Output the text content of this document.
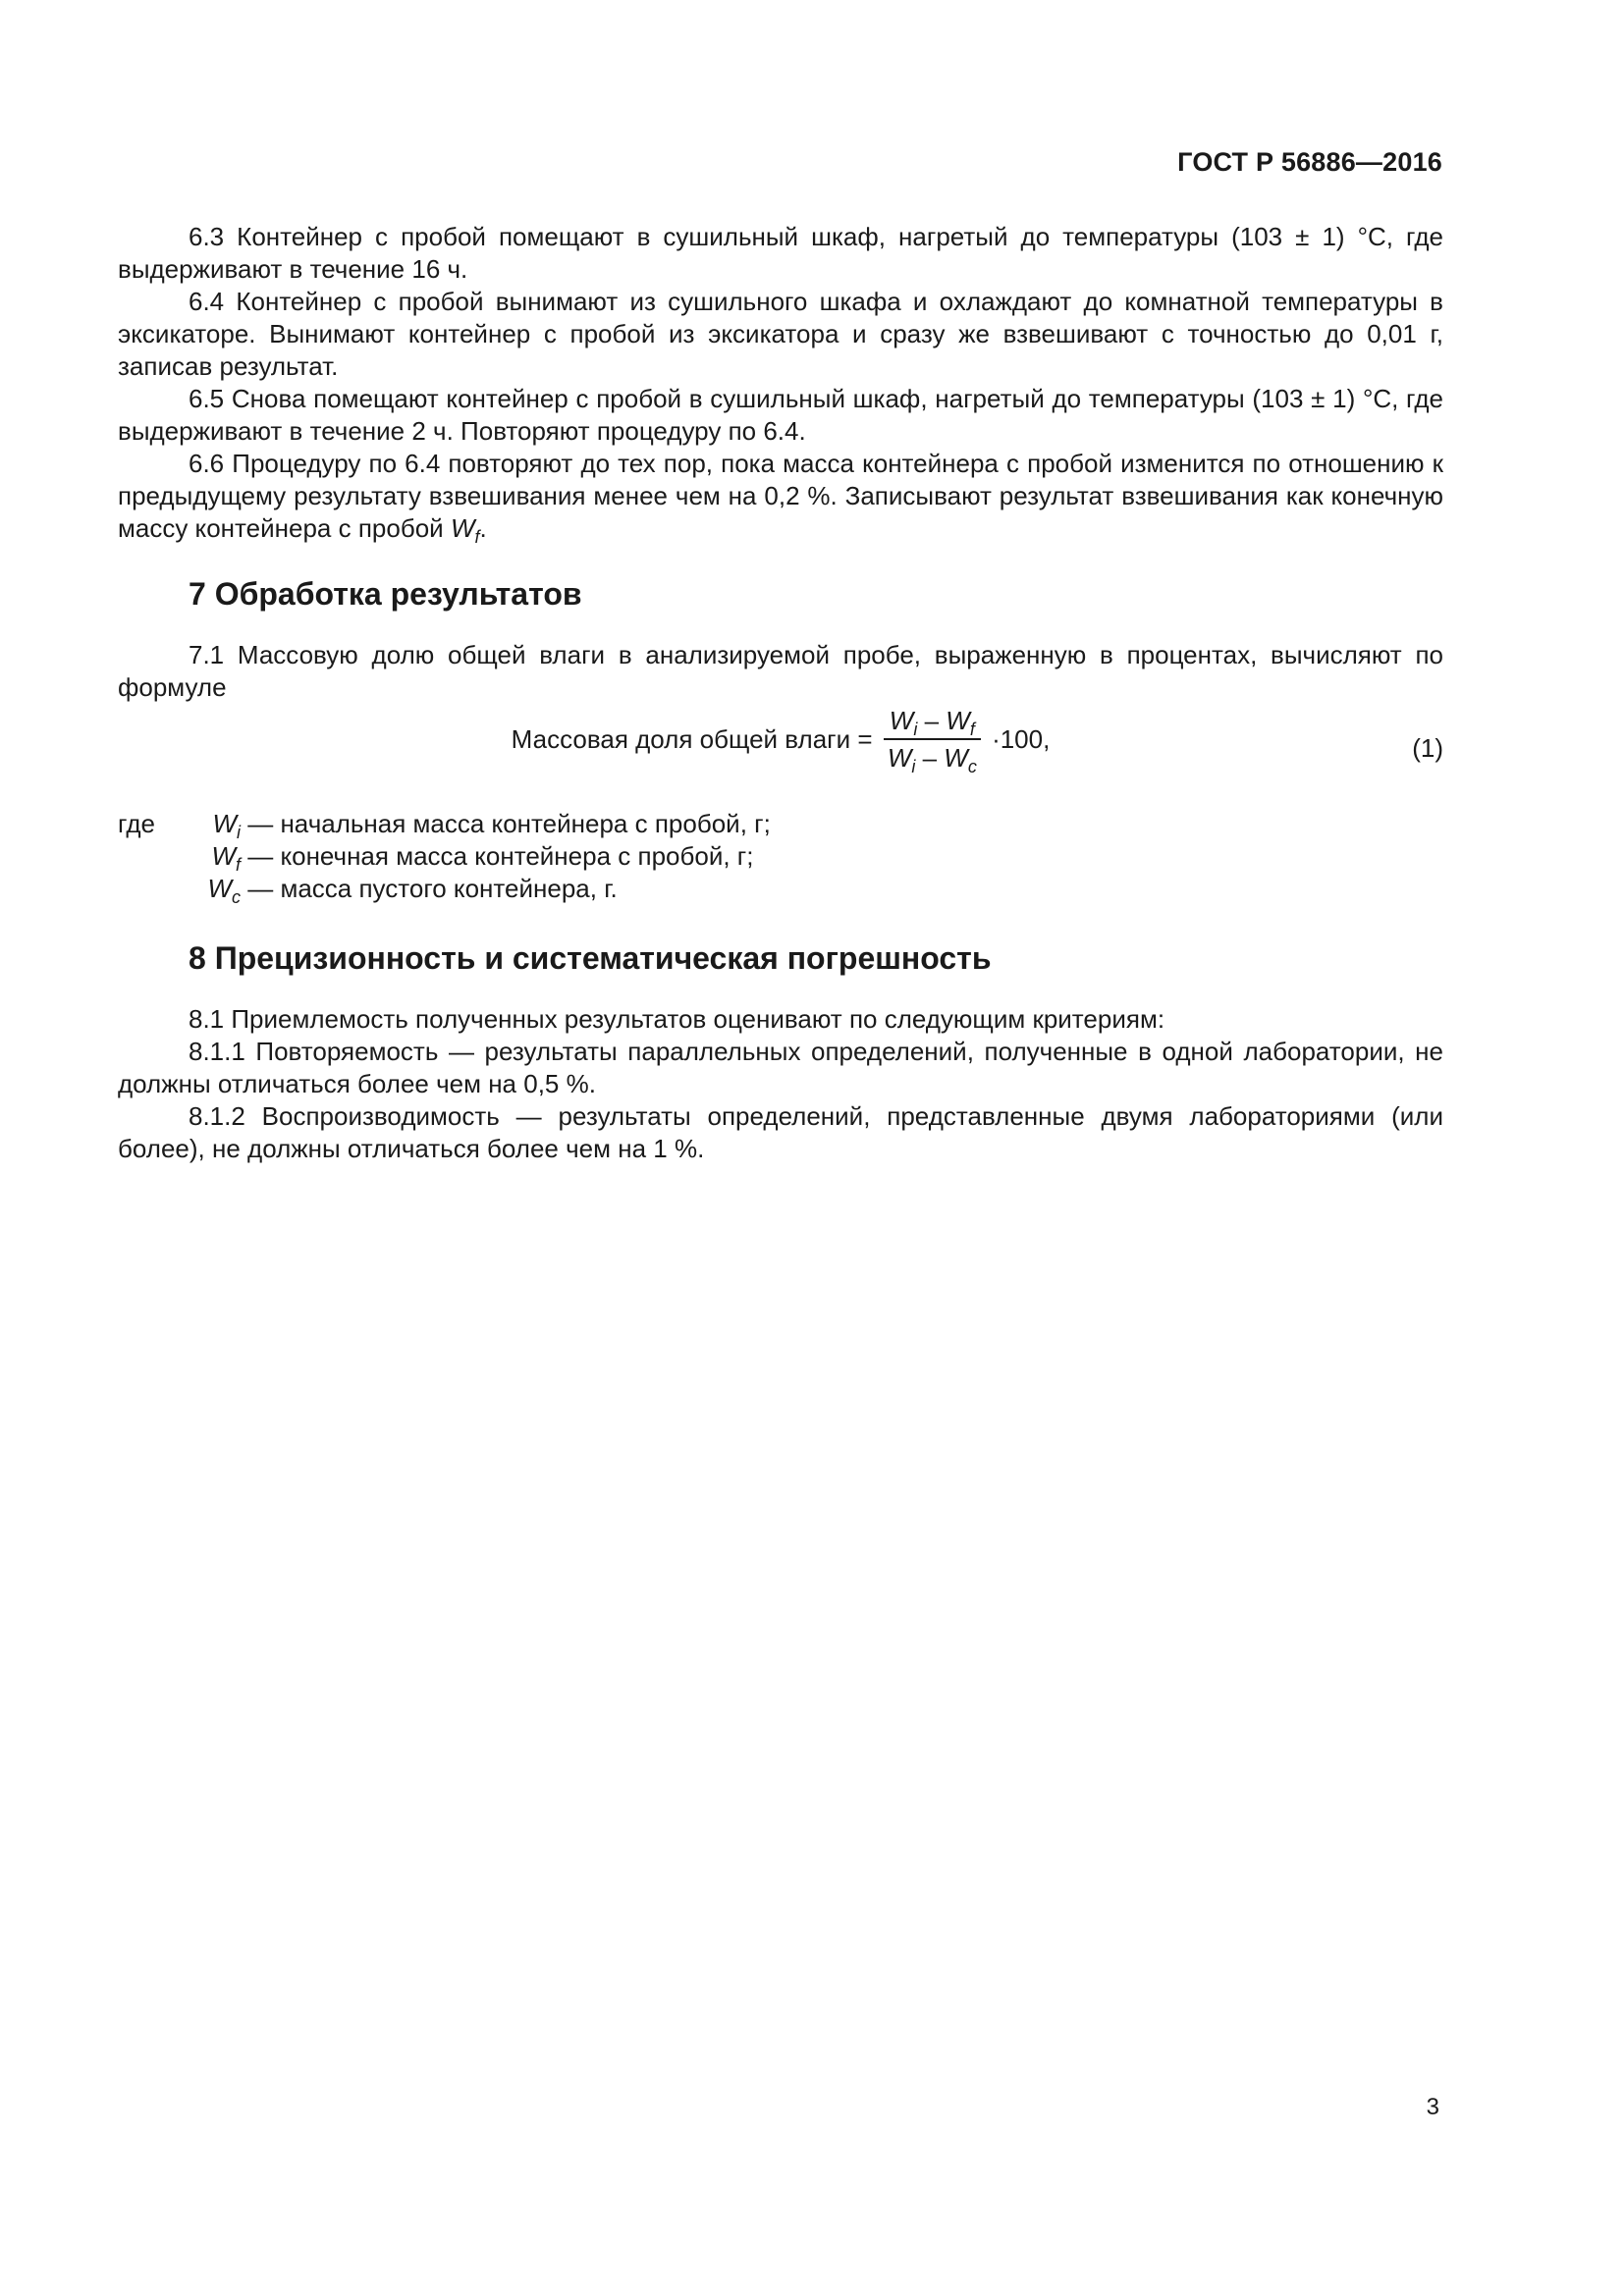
ГОСТ Р 56886—2016

6.3 Контейнер с пробой помещают в сушильный шкаф, нагретый до температуры (103 ± 1) °С, где выдерживают в течение 16 ч.

6.4 Контейнер с пробой вынимают из сушильного шкафа и охлаждают до комнатной температуры в эксикаторе. Вынимают контейнер с пробой из эксикатора и сразу же взвешивают с точностью до 0,01 г, записав результат.

6.5 Снова помещают контейнер с пробой в сушильный шкаф, нагретый до температуры (103 ± 1) °С, где выдерживают в течение 2 ч. Повторяют процедуру по 6.4.

6.6 Процедуру по 6.4 повторяют до тех пор, пока масса контейнера с пробой изменится по отношению к предыдущему результату взвешивания менее чем на 0,2 %. Записывают результат взвешивания как конечную массу контейнера с пробой $W_f$.

7 Обработка результатов

7.1 Массовую долю общей влаги в анализируемой пробе, выраженную в процентах, вычисляют по формуле

Массовая доля общей влаги = $\frac{W_i - W_f}{W_i - W_c} \cdot 100$,	(1)
где $W_i$ — начальная масса контейнера с пробой, г;
$W_f$ — конечная масса контейнера с пробой, г;
$W_c$ — масса пустого контейнера, г.
8 Прецизионность и систематическая погрешность

8.1 Приемлемость полученных результатов оценивают по следующим критериям:

8.1.1 Повторяемость — результаты параллельных определений, полученные в одной лаборатории, не должны отличаться более чем на 0,5 %.

8.1.2 Воспроизводимость — результаты определений, представленные двумя лабораториями (или более), не должны отличаться более чем на 1 %.

3
